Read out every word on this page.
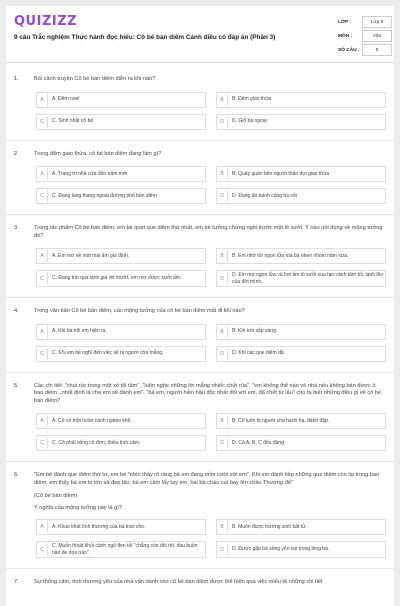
QUIZIZZ
9 câu Trắc nghiệm Thực hành đọc hiểu: Cô bé bán diêm Cánh diều có đáp án (Phần 3)
LỚP :	Lớp 6
MÔN :	Văn
SỐ CÂU :	9
1.	Bối cảnh truyện Cô bé bán diêm diễn ra khi nào?
A	A. Đêm noel	B	B. Đêm giao thừa
C	C. Sinh nhật cô bé	D	D. Giỗ bà ngoại
2.	Trong đêm giao thừa, cô bé bán diêm đang làm gì?
A	A. Trang trí nhà cửa đón năm mới	B	B. Quây quần bên người thân đợi giao thừa
C	C. Đang lang thang ngoài đường phố bán diêm	D	D. Đang ăn bánh cùng bà nội
3.	Trong tác phẩm Cô bé bán diêm, em bé quẹt que diêm thứ nhất, em bé tưởng chừng ngồi trước một lò sưởi. Ý nào nói đúng về mộng tưởng đó?
A	A. Em mơ về một mái ấm gia đình.	B	B. Em nhớ tới ngọn lửa mà bà nhen nhóm năm xưa.
C	C. Đang trải qua lạnh giá rét mướt, em mơ được sưởi ấm.	D
D. Em mơ ngọn lửa và hơi ấm lò sưởi xua tan cảnh tâm tối, lạnh lẽo của đời mình.
4.	Trong văn bản Cô bé bán diêm, các mộng tưởng của cô bé bán diêm mất đi khi nào?
A	A. Khi bà nội em hiện ra.	B	B. Khi trời sắp sáng.
C	C. Khi em bé nghĩ đến việc sẽ bị người cha mắng.	D	D. Khi các que diêm tắt.
5.	Các chi tiết: "chui rúc trong một xó tối tăm", "luôn nghe những lời mắng nhiếc chửi rủa", "em không thể nào về nhà nếu không bán được ít bao diêm...nhất định là cha em sẽ đánh em", "bà em, người hiền hậu độc nhất đối với em, đã chết từ lâu" cho ta biết những điều gì về cô bé bán diêm?
A	A. Có có một hoàn cảnh nghèo khổ.	B	B. Cô luôn bị người cha hành hạ, đánh đập.
C	C. Cô phải sống cô đơn, thiếu tình cảm.	D	D. Cả A, B, C đều đúng
6.	"Em bé đánh que diêm thứ tư, em bé "nhìn thấy rõ ràng bà em đang mỉm cười với em". Khi em đánh tiếp những que diêm còn lại trong bao diêm, em thấy bà em to lớn và đẹp lão, bà em cầm lấy tay em, hai bà cháu vụt bay lên chầu Thượng đế"
(Cô bé bán diêm)
Ý nghĩa của mộng tưởng này là gì?
A	A. Khao khát tình thương của bà trao cho.	B	B. Muốn được trường sinh bất tử.
C
C. Muốn thoát khỏi cảnh ngộ đen tối "chẳng còn đói rét, đau buồn nào đe dọa nào".	D	D. Được gặp bà sống yên vui trong lòng bà.
7.	Sự thông cảm, tình thương yêu của nhà văn dành cho cô bé bán diêm được thể hiện qua việc miêu tả những chi tiết
